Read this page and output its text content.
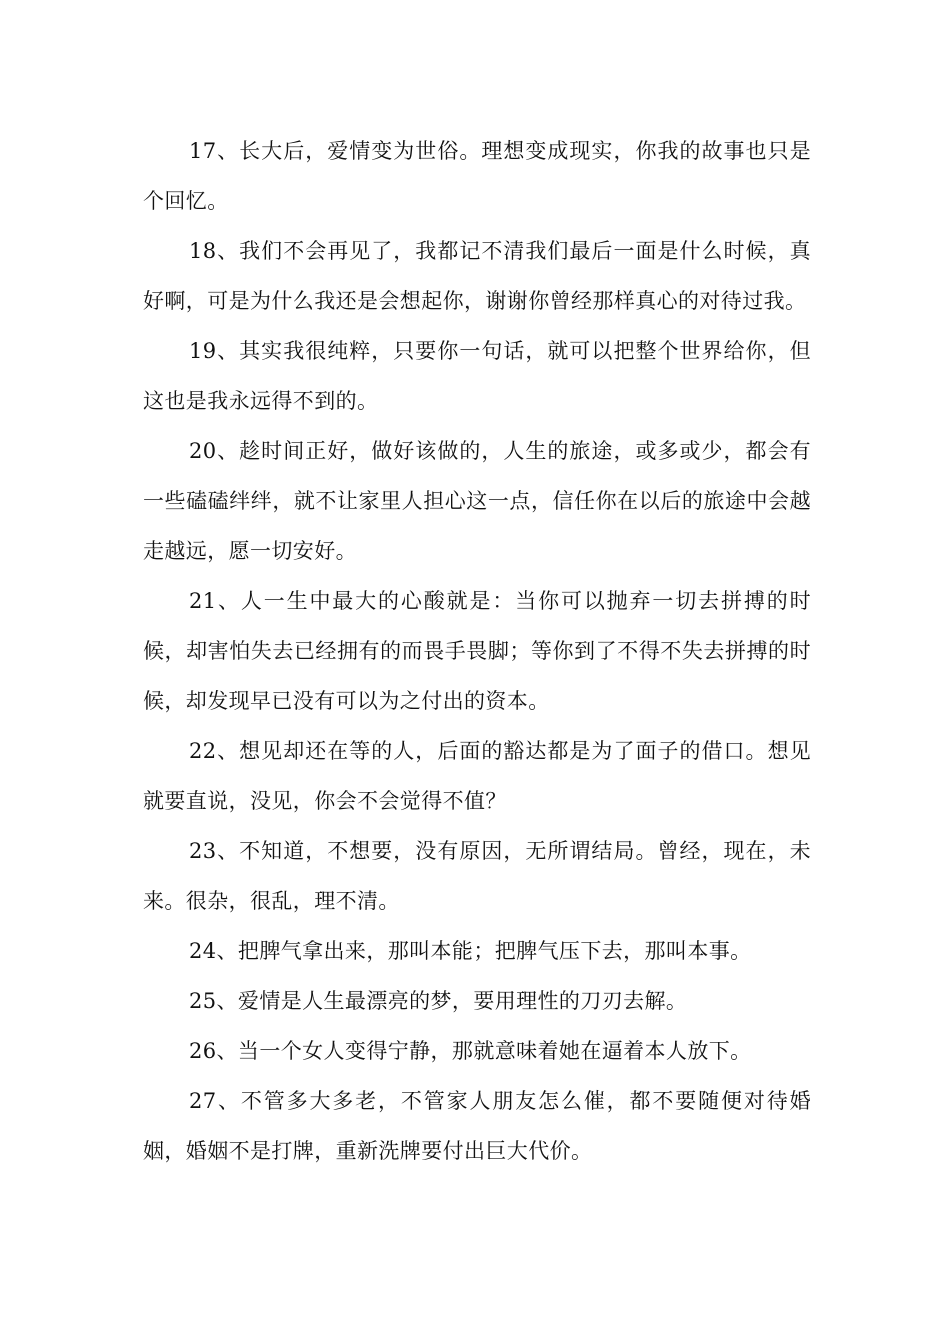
17、长大后，爱情变为世俗。理想变成现实，你我的故事也只是个回忆。

18、我们不会再见了，我都记不清我们最后一面是什么时候，真好啊，可是为什么我还是会想起你，谢谢你曾经那样真心的对待过我。

19、其实我很纯粹，只要你一句话，就可以把整个世界给你，但这也是我永远得不到的。

20、趁时间正好，做好该做的，人生的旅途，或多或少，都会有一些磕磕绊绊，就不让家里人担心这一点，信任你在以后的旅途中会越走越远，愿一切安好。

21、人一生中最大的心酸就是：当你可以抛弃一切去拼搏的时候，却害怕失去已经拥有的而畏手畏脚；等你到了不得不失去拼搏的时候，却发现早已没有可以为之付出的资本。

22、想见却还在等的人，后面的豁达都是为了面子的借口。想见就要直说，没见，你会不会觉得不值？

23、不知道，不想要，没有原因，无所谓结局。曾经，现在，未来。很杂，很乱，理不清。

24、把脾气拿出来，那叫本能；把脾气压下去，那叫本事。

25、爱情是人生最漂亮的梦，要用理性的刀刃去解。

26、当一个女人变得宁静，那就意味着她在逼着本人放下。

27、不管多大多老，不管家人朋友怎么催，都不要随便对待婚姻，婚姻不是打牌，重新洗牌要付出巨大代价。
